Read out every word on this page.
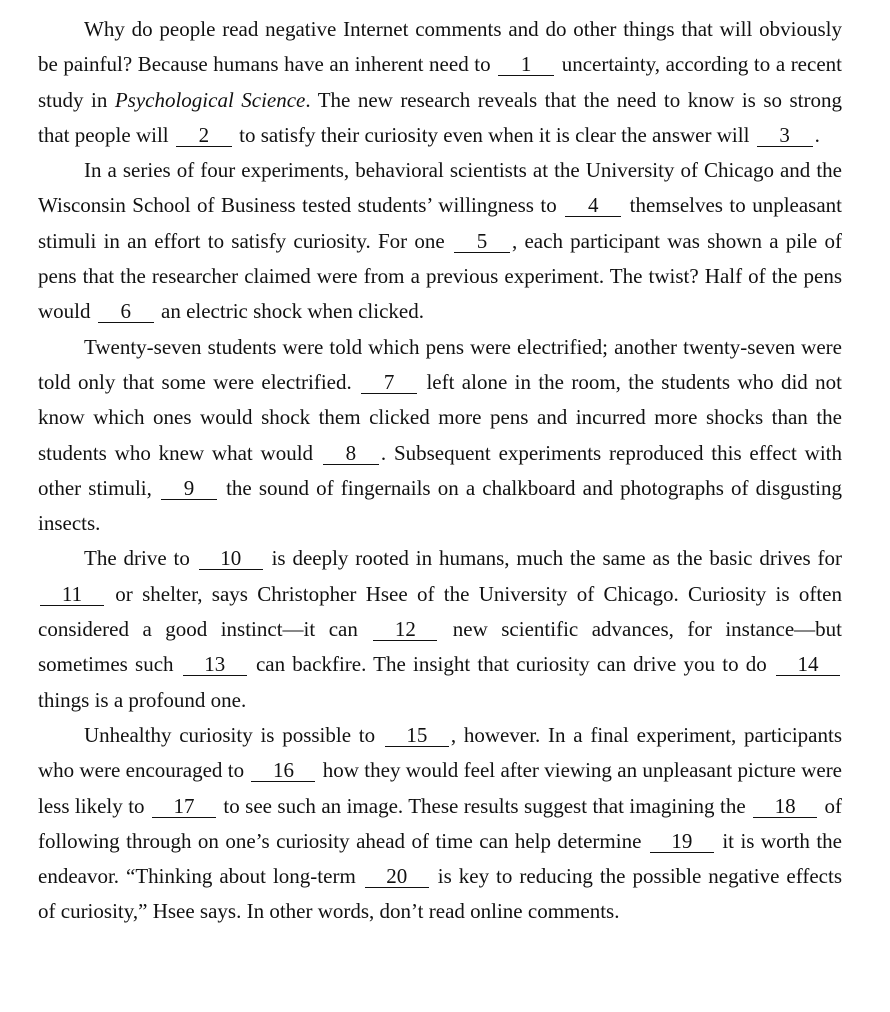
Why do people read negative Internet comments and do other things that will obviously be painful? Because humans have an inherent need to 1 uncertainty, according to a recent study in Psychological Science. The new research reveals that the need to know is so strong that people will 2 to satisfy their curiosity even when it is clear the answer will 3 .

In a series of four experiments, behavioral scientists at the University of Chicago and the Wisconsin School of Business tested students’ willingness to 4 themselves to unpleasant stimuli in an effort to satisfy curiosity. For one 5 , each participant was shown a pile of pens that the researcher claimed were from a previous experiment. The twist? Half of the pens would 6 an electric shock when clicked.

Twenty-seven students were told which pens were electrified; another twenty-seven were told only that some were electrified. 7 left alone in the room, the students who did not know which ones would shock them clicked more pens and incurred more shocks than the students who knew what would 8 . Subsequent experiments reproduced this effect with other stimuli, 9 the sound of fingernails on a chalkboard and photographs of disgusting insects.

The drive to 10 is deeply rooted in humans, much the same as the basic drives for 11 or shelter, says Christopher Hsee of the University of Chicago. Curiosity is often considered a good instinct—it can 12 new scientific advances, for instance—but sometimes such 13 can backfire. The insight that curiosity can drive you to do 14 things is a profound one.

Unhealthy curiosity is possible to 15 , however. In a final experiment, participants who were encouraged to 16 how they would feel after viewing an unpleasant picture were less likely to 17 to see such an image. These results suggest that imagining the 18 of following through on one’s curiosity ahead of time can help determine 19 it is worth the endeavor. “Thinking about long-term 20 is key to reducing the possible negative effects of curiosity,” Hsee says. In other words, don’t read online comments.
